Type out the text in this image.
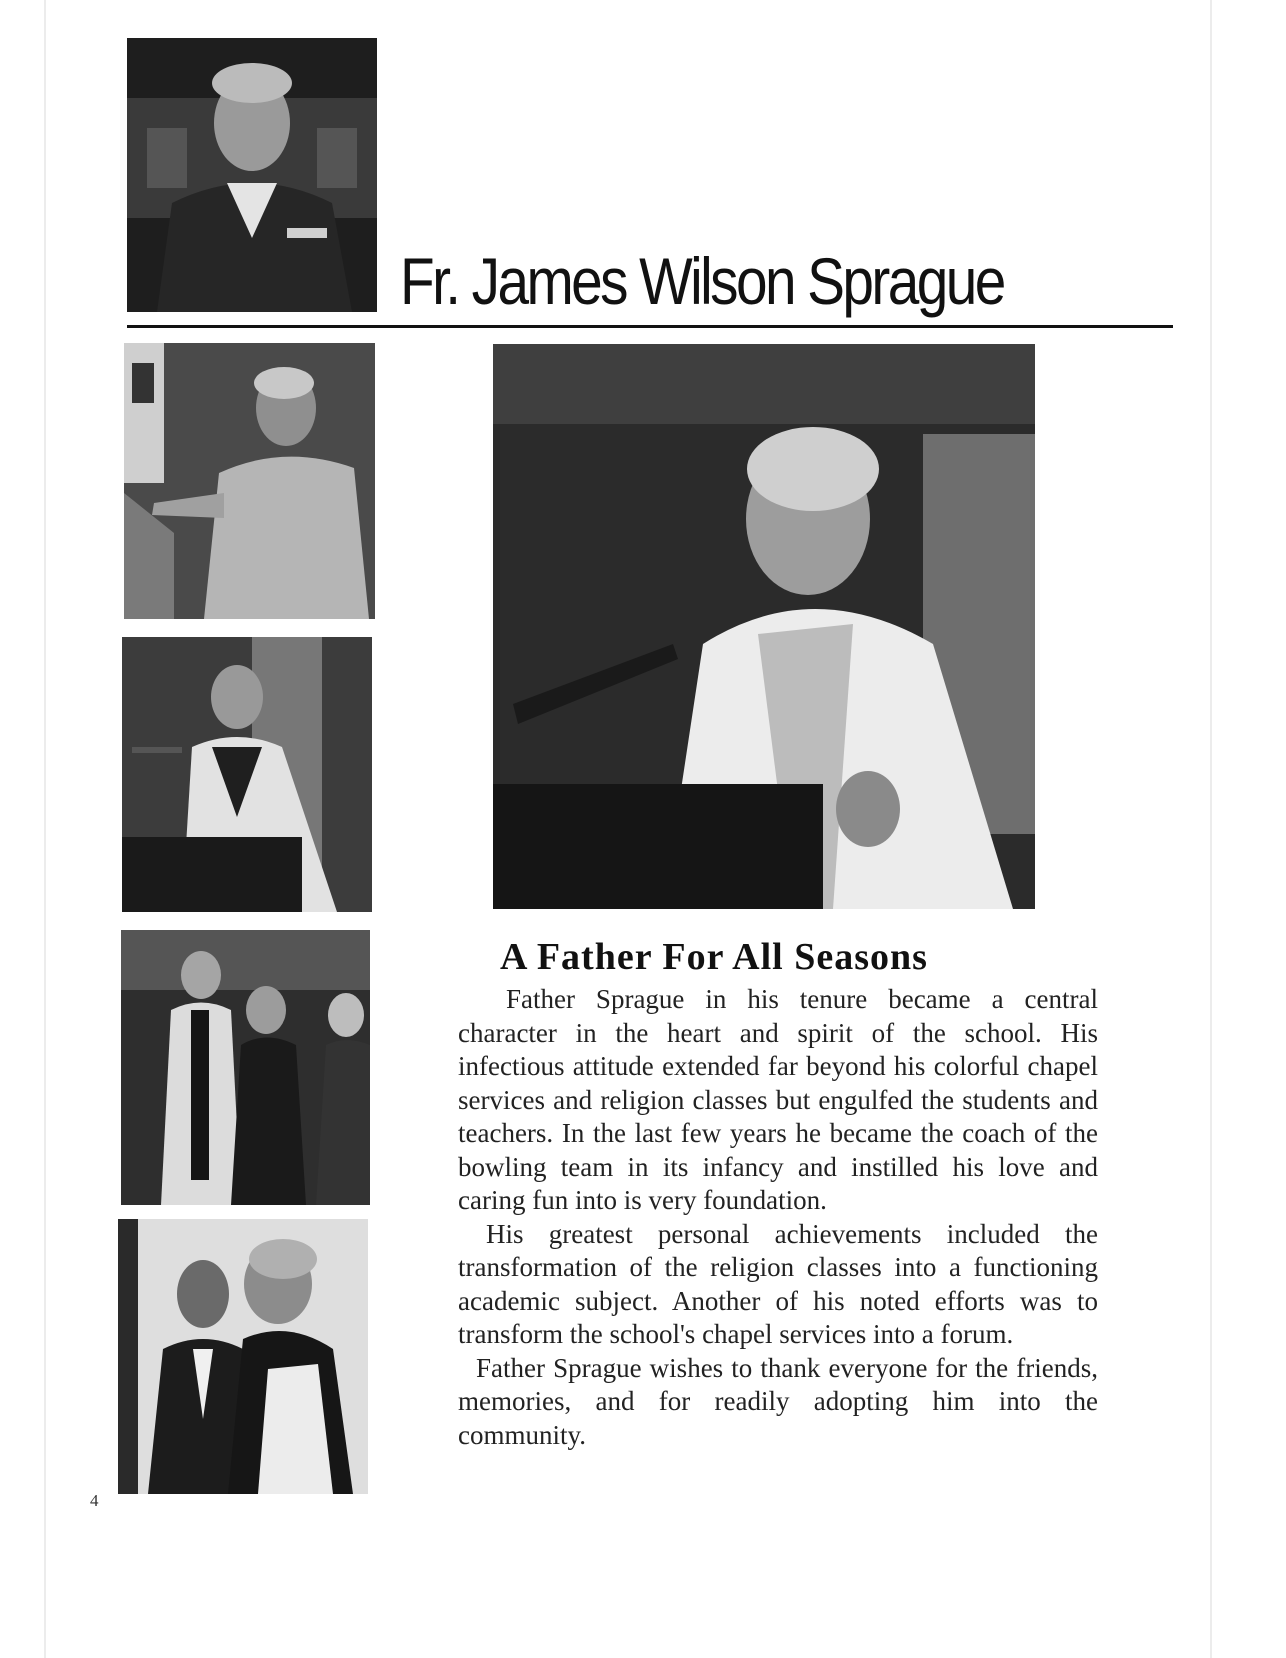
Fr. James Wilson Sprague
A Father For All Seasons

Father Sprague in his tenure became a central character in the heart and spirit of the school. His infectious attitude extended far beyond his colorful chapel services and religion classes but engulfed the students and teachers. In the last few years he became the coach of the bowling team in its infancy and instilled his love and caring fun into is very foundation.

His greatest personal achievements included the transformation of the religion classes into a functioning academic subject. Another of his noted efforts was to transform the school's chapel services into a forum.

Father Sprague wishes to thank everyone for the friends, memories, and for readily adopting him into the community.

4
